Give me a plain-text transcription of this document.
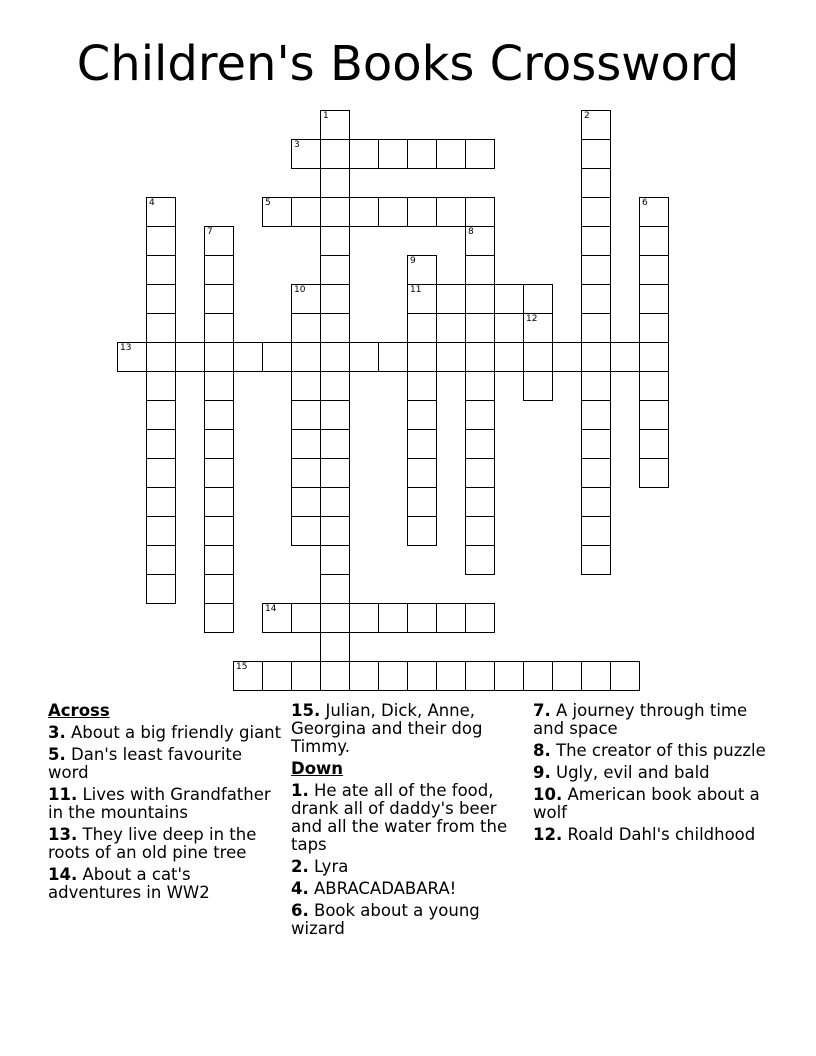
Children's Books Crossword
13
1
3
2
4	5	6
7	8
9
11
10
12
14
15
Across
3. About a big friendly giant
5. Dan's least favourite word
11. Lives with Grandfather in the mountains
13. They live deep in the roots of an old pine tree
14. About a cat's adventures in WW2
15. Julian, Dick, Anne, Georgina and their dog Timmy.
Down
1. He ate all of the food, drank all of daddy's beer and all the water from the taps
2. Lyra
4. ABRACADABARA!
6. Book about a young wizard
7. A journey through time and space
8. The creator of this puzzle
9. Ugly, evil and bald
10. American book about a wolf
12. Roald Dahl's childhood
